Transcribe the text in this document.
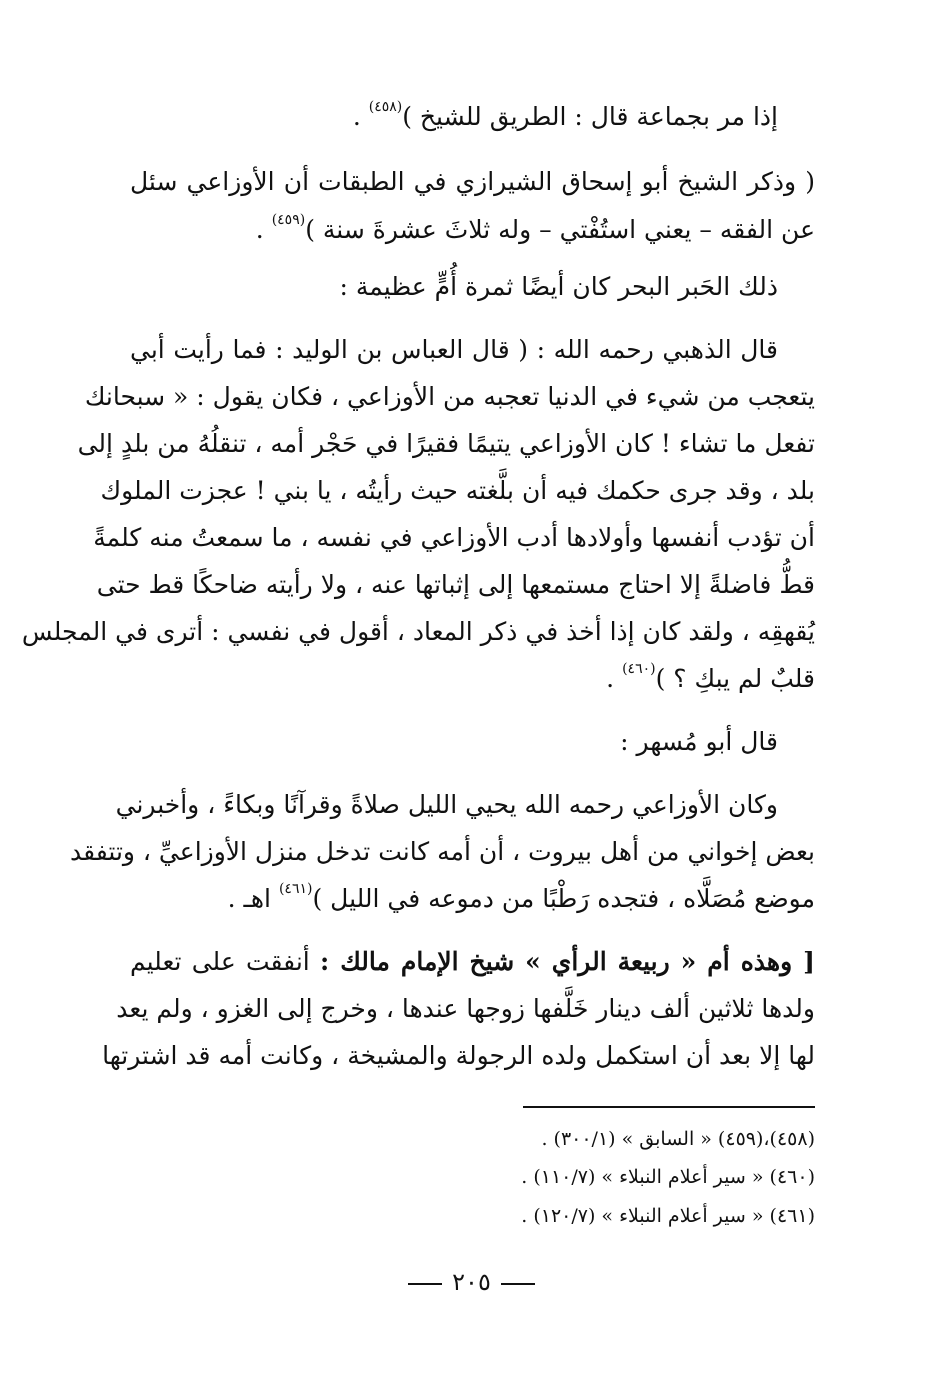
إذا مر بجماعة قال : الطريق للشيخ )$^{(٤٥٨)}$ .
( وذكر الشيخ أبو إسحاق الشيرازي في الطبقات أن الأوزاعي سئل
عن الفقه – يعني استُفْتي – وله ثلاثَ عشرةَ سنة )$^{(٤٥٩)}$ .
ذلك الحَبر البحر كان أيضًا ثمرة أُمٍّ عظيمة :
قال الذهبي رحمه الله : ( قال العباس بن الوليد : فما رأيت أبي
يتعجب من شيء في الدنيا تعجبه من الأوزاعي ، فكان يقول : « سبحانك
تفعل ما تشاء ! كان الأوزاعي يتيمًا فقيرًا في حَجْر أمه ، تنقلُهُ من بلدٍ إلى
بلد ، وقد جرى حكمك فيه أن بلَّغته حيث رأيتُه ، يا بني ! عجزت الملوك
أن تؤدب أنفسها وأولادها أدب الأوزاعي في نفسه ، ما سمعتُ منه كلمةً
قطُّ فاضلةً إلا احتاج مستمعها إلى إثباتها عنه ، ولا رأيته ضاحكًا قط حتى
يُقهقِه ، ولقد كان إذا أخذ في ذكر المعاد ، أقول في نفسي : أترى في المجلس
قلبٌ لم يبكِ ؟ )$^{(٤٦٠)}$ .
قال أبو مُسهر :
وكان الأوزاعي رحمه الله يحيي الليل صلاةً وقرآنًا وبكاءً ، وأخبرني
بعض إخواني من أهل بيروت ، أن أمه كانت تدخل منزل الأوزاعيِّ ، وتتفقد
موضع مُصَلَّاه ، فتجده رَطْبًا من دموعه في الليل )$^{(٤٦١)}$ اهـ .
[ وهذه أم « ربيعة الرأي » شيخ الإمام مالك : أنفقت على تعليم
ولدها ثلاثين ألف دينار خَلَّفها زوجها عندها ، وخرج إلى الغزو ، ولم يعد
لها إلا بعد أن استكمل ولده الرجولة والمشيخة ، وكانت أمه قد اشترتها
(٤٥٨)،(٤٥٩) « السابق » (٣٠٠/١) .
(٤٦٠) « سير أعلام النبلاء » (١١٠/٧) .
(٤٦١) « سير أعلام النبلاء » (١٢٠/٧) .
٢٠٥
